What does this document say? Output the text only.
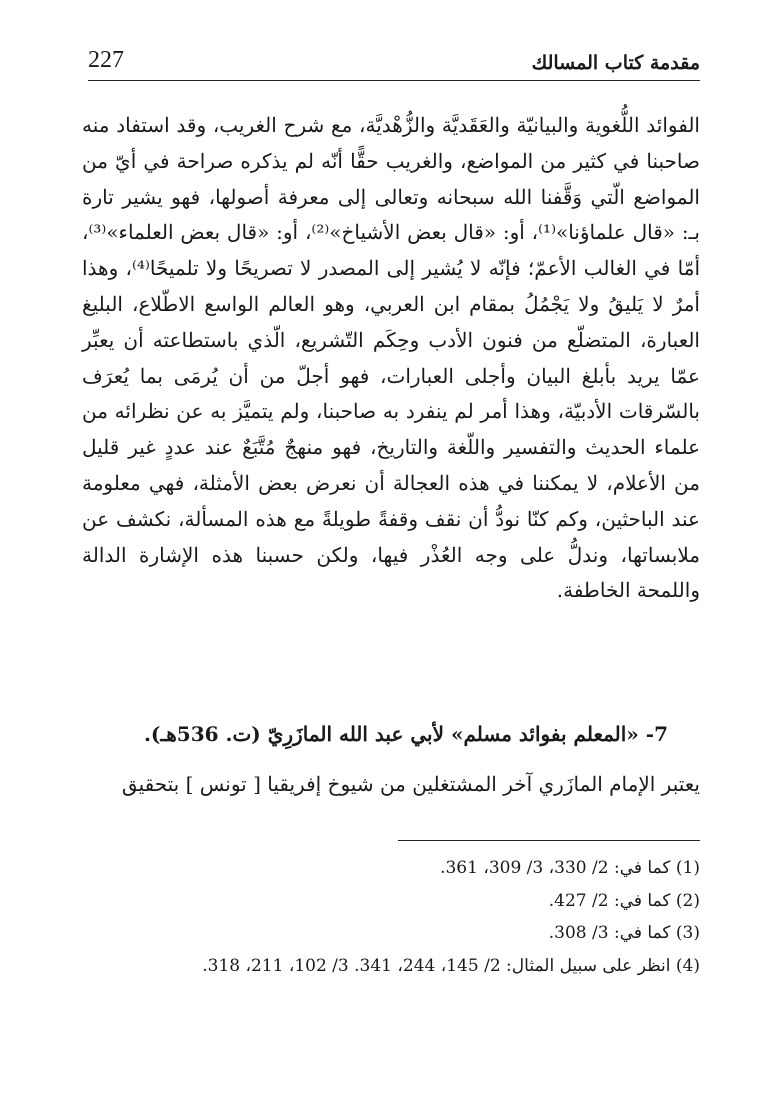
227	مقدمة كتاب المسالك

الفوائد اللُّغوية والبيانيّة والعَقَديَّة والزُّهْديَّة، مع شرح الغريب، وقد استفاد منه صاحبنا في كثير من المواضع، والغريب حقًّا أنّه لم يذكره صراحة في أيّ من المواضع الّتي وَقَّفنا الله سبحانه وتعالى إلى معرفة أصولها، فهو يشير تارة بـ: «قال علماؤنا»⁽¹⁾، أو: «قال بعض الأشياخ»⁽²⁾، أو: «قال بعض العلماء»⁽³⁾، أمّا في الغالب الأعمّ؛ فإنّه لا يُشير إلى المصدر لا تصريحًا ولا تلميحًا⁽⁴⁾، وهذا أمرٌ لا يَليقُ ولا يَجْمُلُ بمقام ابن العربي، وهو العالم الواسع الاطّلاع، البليغ العبارة، المتضلّع من فنون الأدب وحِكَم التّشريع، الّذي باستطاعته أن يعبِّر عمّا يريد بأبلغ البيان وأجلى العبارات، فهو أجلّ من أن يُرمَى بما يُعرَف بالسّرقات الأدبيّة، وهذا أمر لم ينفرد به صاحبنا، ولم يتميَّز به عن نظرائه من علماء الحديث والتفسير واللّغة والتاريخ، فهو منهجٌ مُتَّبَعٌ عند عددٍ غير قليل من الأعلام، لا يمكننا في هذه العجالة أن نعرض بعض الأمثلة، فهي معلومة عند الباحثين، وكم كنّا نودُّ أن نقف وقفةً طويلةً مع هذه المسألة، نكشف عن ملابساتها، وندلُّ على وجه العُذْر فيها، ولكن حسبنا هذه الإشارة الدالة واللمحة الخاطفة.

7- «المعلم بفوائد مسلم» لأبي عبد الله المازَرِيّ (ت. 536هـ).
يعتبر الإمام المازَري آخر المشتغلين من شيوخ إفريقيا [ تونس ] بتحقيق
(1) كما في: 2/ 330، 3/ 309، 361.
(2) كما في: 2/ 427.
(3) كما في: 3/ 308.
(4) انظر على سبيل المثال: 2/ 145، 244، 341. 3/ 102، 211، 318.
